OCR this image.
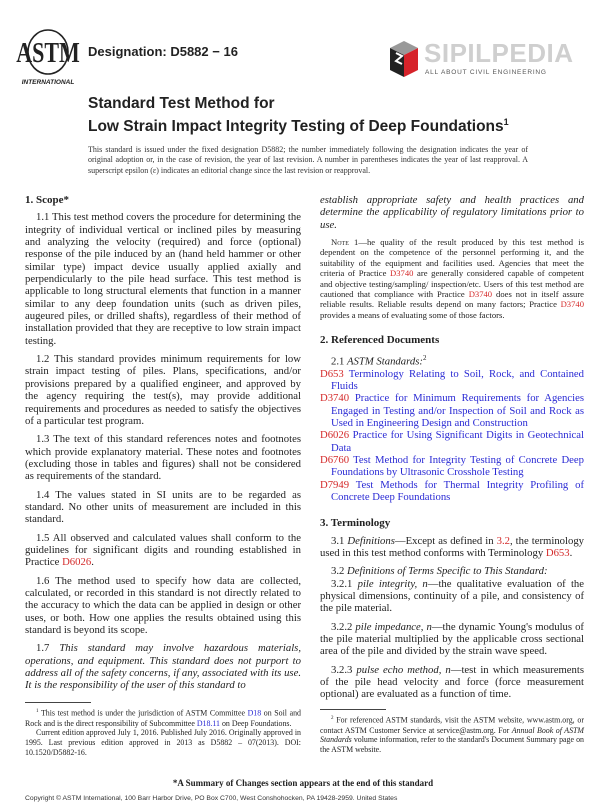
ASTM
INTERNATIONAL
Designation: D5882 − 16
Standard Test Method for
Low Strain Impact Integrity Testing of Deep Foundations$^1$
This standard is issued under the fixed designation D5882; the number immediately following the designation indicates the year of original adoption or, in the case of revision, the year of last revision. A number in parentheses indicates the year of last reapproval. A superscript epsilon (ε) indicates an editorial change since the last revision or reapproval.
1. Scope*

1.1 This test method covers the procedure for determining the integrity of individual vertical or inclined piles by measuring and analyzing the velocity (required) and force (optional) response of the pile induced by an (hand held hammer or other similar type) impact device usually applied axially and perpendicularly to the pile head surface. This test method is applicable to long structural elements that function in a manner similar to any deep foundation units (such as driven piles, augeured piles, or drilled shafts), regardless of their method of installation provided that they are receptive to low strain impact testing.

1.2 This standard provides minimum requirements for low strain impact testing of piles. Plans, specifications, and/or provisions prepared by a qualified engineer, and approved by the agency requiring the test(s), may provide additional requirements and procedures as needed to satisfy the objectives of a particular test program.

1.3 The text of this standard references notes and footnotes which provide explanatory material. These notes and footnotes (excluding those in tables and figures) shall not be considered as requirements of the standard.

1.4 The values stated in SI units are to be regarded as standard. No other units of measurement are included in this standard.

1.5 All observed and calculated values shall conform to the guidelines for significant digits and rounding established in Practice D6026.

1.6 The method used to specify how data are collected, calculated, or recorded in this standard is not directly related to the accuracy to which the data can be applied in design or other uses, or both. How one applies the results obtained using this standard is beyond its scope.

1.7 This standard may involve hazardous materials, operations, and equipment. This standard does not purport to address all of the safety concerns, if any, associated with its use. It is the responsibility of the user of this standard to

$^1$ This test method is under the jurisdiction of ASTM Committee D18 on Soil and Rock and is the direct responsibility of Subcommittee D18.11 on Deep Foundations.

Current edition approved July 1, 2016. Published July 2016. Originally approved in 1995. Last previous edition approved in 2013 as D5882 – 07(2013). DOI: 10.1520/D5882-16.

establish appropriate safety and health practices and determine the applicability of regulatory limitations prior to use.

Note 1—he quality of the result produced by this test method is dependent on the competence of the personnel performing it, and the suitability of the equipment and facilities used. Agencies that meet the criteria of Practice D3740 are generally considered capable of competent and objective testing/sampling/ inspection/etc. Users of this test method are cautioned that compliance with Practice D3740 does not in itself assure reliable results. Reliable results depend on many factors; Practice D3740 provides a means of evaluating some of those factors.

2. Referenced Documents

2.1 ASTM Standards:$^2$

D653 Terminology Relating to Soil, Rock, and Contained Fluids
D3740 Practice for Minimum Requirements for Agencies Engaged in Testing and/or Inspection of Soil and Rock as Used in Engineering Design and Construction
D6026 Practice for Using Significant Digits in Geotechnical Data
D6760 Test Method for Integrity Testing of Concrete Deep Foundations by Ultrasonic Crosshole Testing
D7949 Test Methods for Thermal Integrity Profiling of Concrete Deep Foundations
3. Terminology

3.1 Definitions—Except as defined in 3.2, the terminology used in this test method conforms with Terminology D653.

3.2 Definitions of Terms Specific to This Standard:

3.2.1 pile integrity, n—the qualitative evaluation of the physical dimensions, continuity of a pile, and consistency of the pile material.

3.2.2 pile impedance, n—the dynamic Young's modulus of the pile material multiplied by the applicable cross sectional area of the pile and divided by the strain wave speed.

3.2.3 pulse echo method, n—test in which measurements of the pile head velocity and force (force measurement optional) are evaluated as a function of time.

$^2$ For referenced ASTM standards, visit the ASTM website, www.astm.org, or contact ASTM Customer Service at service@astm.org. For Annual Book of ASTM Standards volume information, refer to the standard's Document Summary page on the ASTM website.

SIPILPEDIA
ALL ABOUT CIVIL ENGINEERING
*A Summary of Changes section appears at the end of this standard
Copyright © ASTM International, 100 Barr Harbor Drive, PO Box C700, West Conshohocken, PA 19428-2959. United States
